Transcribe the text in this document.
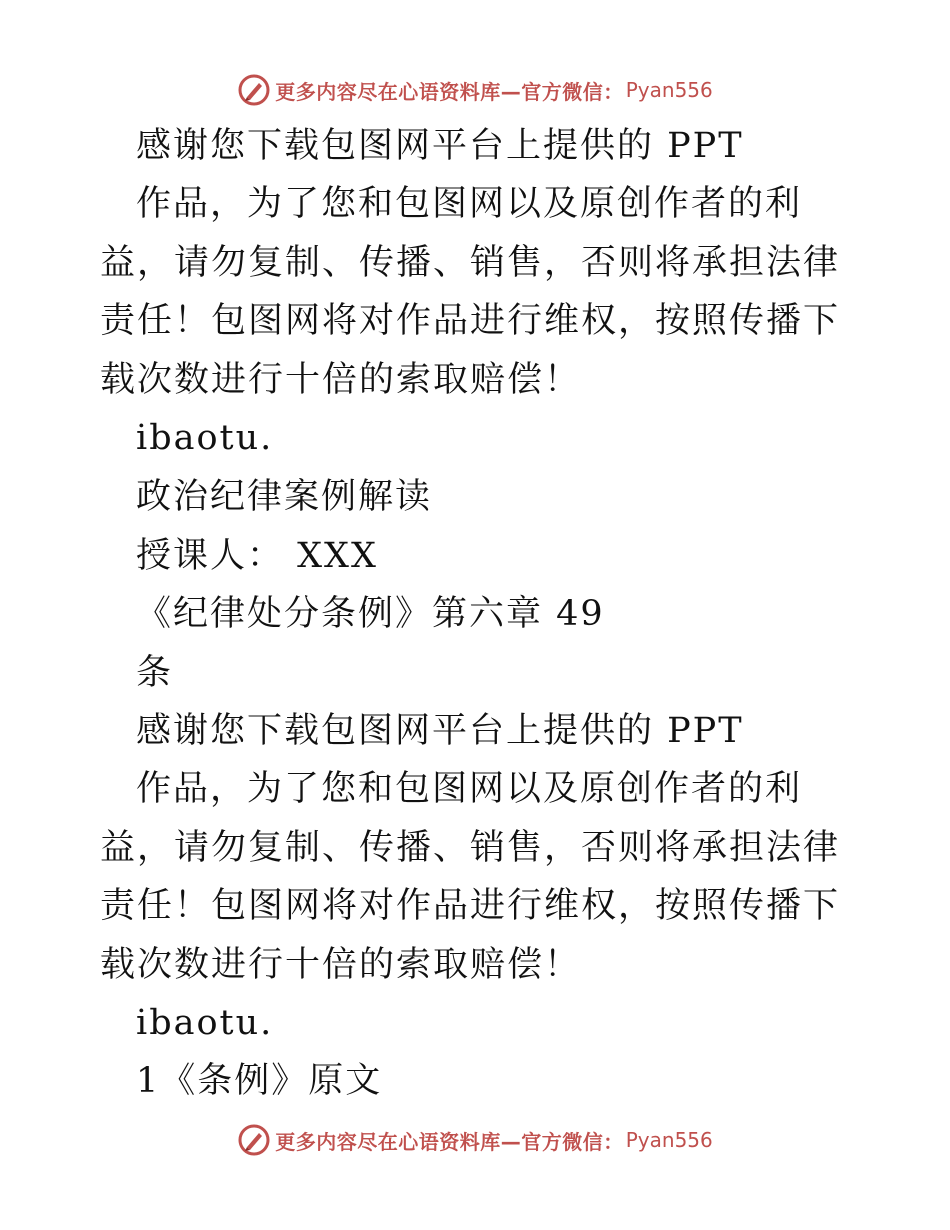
更多内容尽在心语资料库—官方微信： Pyan556
感谢您下载包图网平台上提供的 PPT
作品，为了您和包图网以及原创作者的利益，请勿复制、传播、销售，否则将承担法律责任！包图网将对作品进行维权，按照传播下载次数进行十倍的索取赔偿！
ibaotu.
政治纪律案例解读
授课人： XXX
《纪律处分条例》第六章 49
条
感谢您下载包图网平台上提供的 PPT
作品，为了您和包图网以及原创作者的利益，请勿复制、传播、销售，否则将承担法律责任！包图网将对作品进行维权，按照传播下载次数进行十倍的索取赔偿！
ibaotu.
1《条例》原文
更多内容尽在心语资料库—官方微信： Pyan556
